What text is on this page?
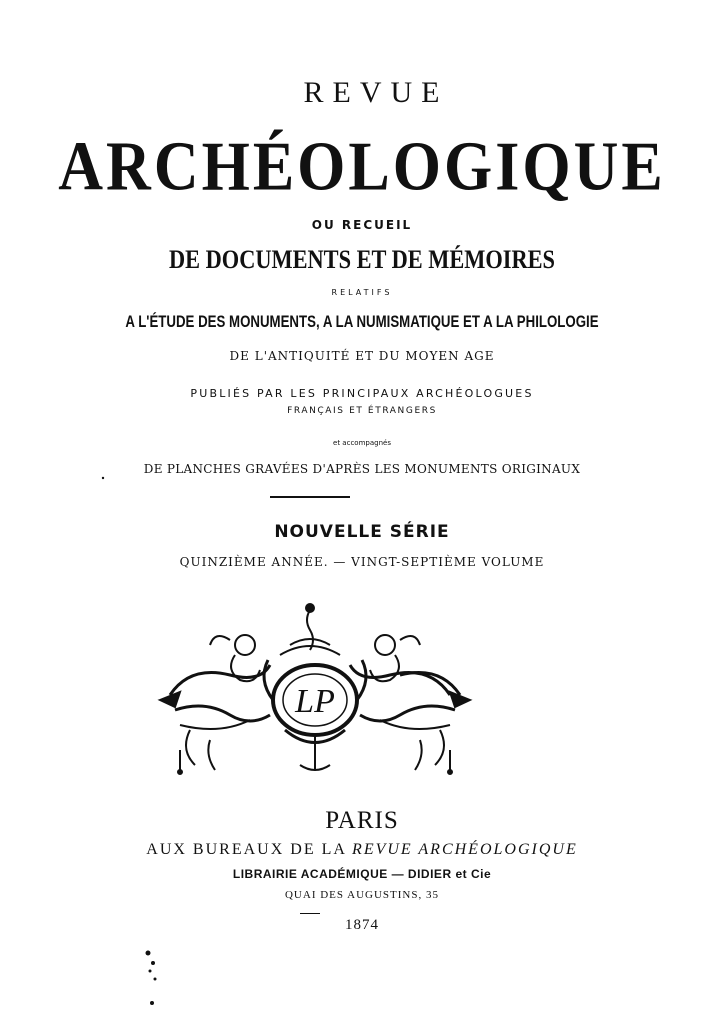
REVUE
ARCHÉOLOGIQUE
OU RECUEIL
DE DOCUMENTS ET DE MÉMOIRES
RELATIFS
A L'ÉTUDE DES MONUMENTS, A LA NUMISMATIQUE ET A LA PHILOLOGIE
DE L'ANTIQUITÉ ET DU MOYEN AGE
PUBLIÉS PAR LES PRINCIPAUX ARCHÉOLOGUES
FRANÇAIS ET ÉTRANGERS
et accompagnés
DE PLANCHES GRAVÉES D'APRÈS LES MONUMENTS ORIGINAUX
NOUVELLE SÉRIE
QUINZIÈME ANNÉE. — VINGT-SEPTIÈME VOLUME
LP
PARIS
AUX BUREAUX DE LA REVUE ARCHÉOLOGIQUE
LIBRAIRIE ACADÉMIQUE — DIDIER et Cie
QUAI DES AUGUSTINS, 35
1874
